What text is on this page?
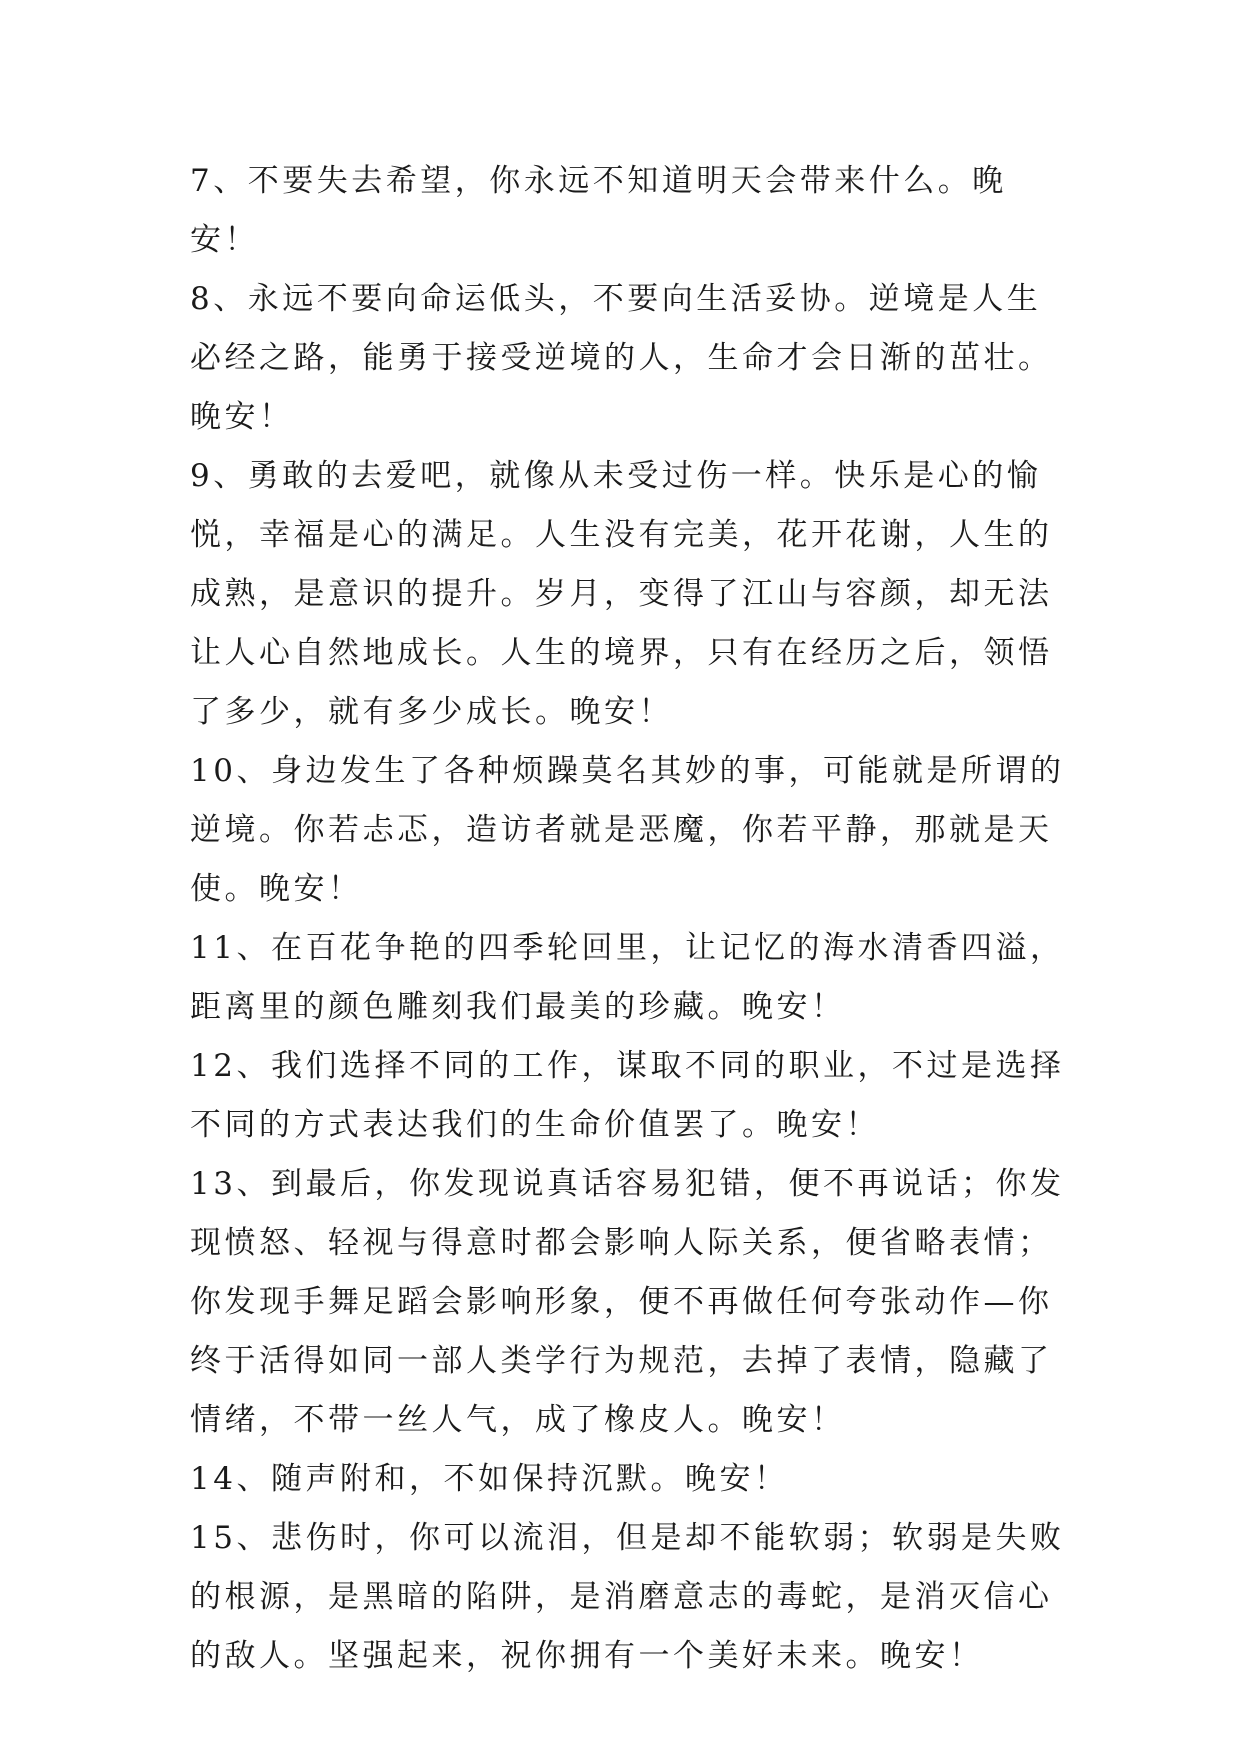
7、不要失去希望，你永远不知道明天会带来什么。晚安！

8、永远不要向命运低头，不要向生活妥协。逆境是人生必经之路，能勇于接受逆境的人，生命才会日渐的茁壮。晚安！

9、勇敢的去爱吧，就像从未受过伤一样。快乐是心的愉悦，幸福是心的满足。人生没有完美，花开花谢，人生的成熟，是意识的提升。岁月，变得了江山与容颜，却无法让人心自然地成长。人生的境界，只有在经历之后，领悟了多少，就有多少成长。晚安！

10、身边发生了各种烦躁莫名其妙的事，可能就是所谓的逆境。你若忐忑，造访者就是恶魔，你若平静，那就是天使。晚安！

11、在百花争艳的四季轮回里，让记忆的海水清香四溢，距离里的颜色雕刻我们最美的珍藏。晚安！

12、我们选择不同的工作，谋取不同的职业，不过是选择不同的方式表达我们的生命价值罢了。晚安！

13、到最后，你发现说真话容易犯错，便不再说话；你发现愤怒、轻视与得意时都会影响人际关系，便省略表情；你发现手舞足蹈会影响形象，便不再做任何夸张动作—你终于活得如同一部人类学行为规范，去掉了表情，隐藏了情绪，不带一丝人气，成了橡皮人。晚安！

14、随声附和，不如保持沉默。晚安！

15、悲伤时，你可以流泪，但是却不能软弱；软弱是失败的根源，是黑暗的陷阱，是消磨意志的毒蛇，是消灭信心的敌人。坚强起来，祝你拥有一个美好未来。晚安！
